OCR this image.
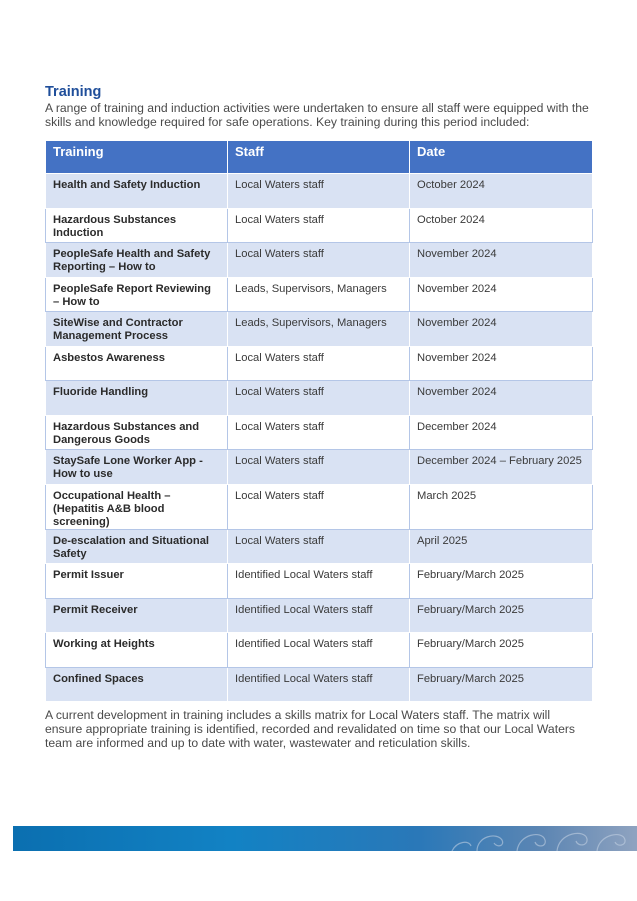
Training
A range of training and induction activities were undertaken to ensure all staff were equipped with the skills and knowledge required for safe operations. Key training during this period included:
Training	Staff	Date
Health and Safety Induction	Local Waters staff	October 2024
Hazardous Substances Induction	Local Waters staff	October 2024
PeopleSafe Health and Safety Reporting – How to	Local Waters staff	November 2024
PeopleSafe Report Reviewing – How to	Leads, Supervisors, Managers	November 2024
SiteWise and Contractor Management Process	Leads, Supervisors, Managers	November 2024
Asbestos Awareness	Local Waters staff	November 2024
Fluoride Handling	Local Waters staff	November 2024
Hazardous Substances and Dangerous Goods	Local Waters staff	December 2024
StaySafe Lone Worker App - How to use	Local Waters staff	December 2024 – February 2025
Occupational Health – (Hepatitis A&B blood screening)	Local Waters staff	March 2025
De-escalation and Situational Safety	Local Waters staff	April 2025
Permit Issuer	Identified Local Waters staff	February/March 2025
Permit Receiver	Identified Local Waters staff	February/March 2025
Working at Heights	Identified Local Waters staff	February/March 2025
Confined Spaces	Identified Local Waters staff	February/March 2025
A current development in training includes a skills matrix for Local Waters staff. The matrix will ensure appropriate training is identified, recorded and revalidated on time so that our Local Waters team are informed and up to date with water, wastewater and reticulation skills.
